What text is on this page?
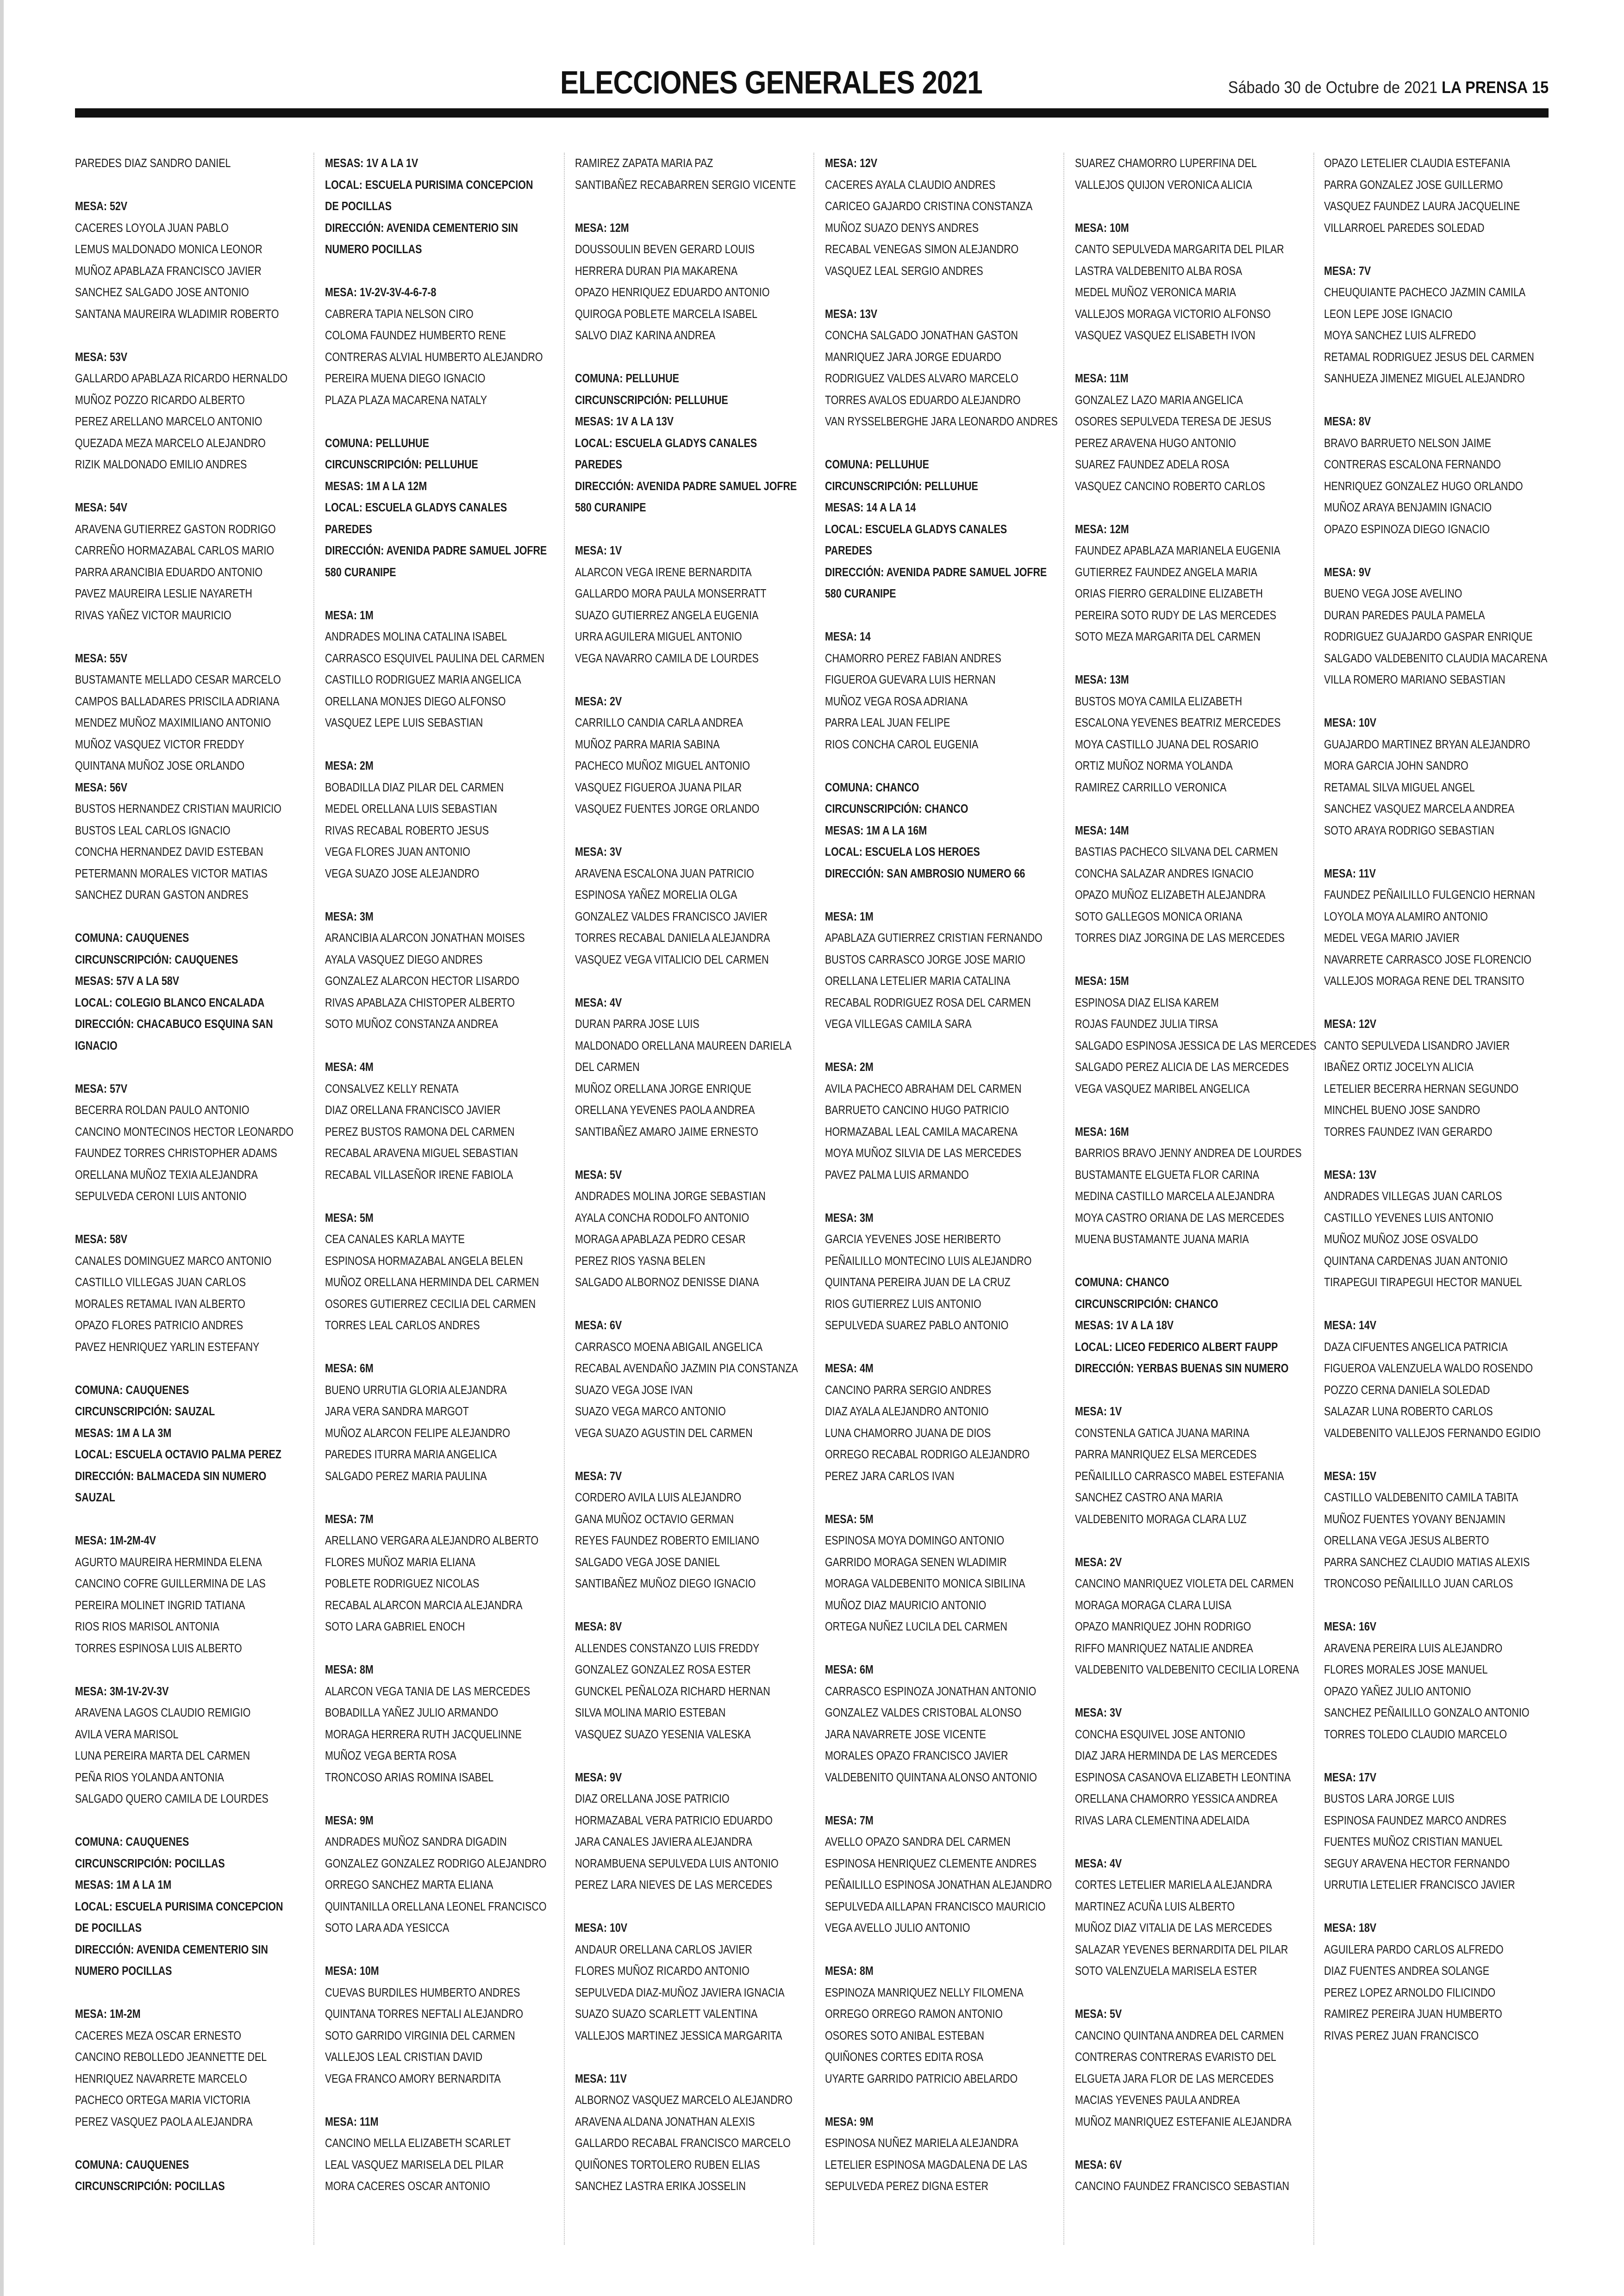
ELECCIONES GENERALES 2021	Sábado 30 de Octubre de 2021 LA PRENSA 15
PAREDES DIAZ SANDRO DANIEL
MESA: 52V
CACERES LOYOLA JUAN PABLO
LEMUS MALDONADO MONICA LEONOR
MUÑOZ APABLAZA FRANCISCO JAVIER
SANCHEZ SALGADO JOSE ANTONIO
SANTANA MAUREIRA WLADIMIR ROBERTO
MESA: 53V
GALLARDO APABLAZA RICARDO HERNALDO
MUÑOZ POZZO RICARDO ALBERTO
PEREZ ARELLANO MARCELO ANTONIO
QUEZADA MEZA MARCELO ALEJANDRO
RIZIK MALDONADO EMILIO ANDRES
MESA: 54V
ARAVENA GUTIERREZ GASTON RODRIGO
CARREÑO HORMAZABAL CARLOS MARIO
PARRA ARANCIBIA EDUARDO ANTONIO
PAVEZ MAUREIRA LESLIE NAYARETH
RIVAS YAÑEZ VICTOR MAURICIO
MESA: 55V
BUSTAMANTE MELLADO CESAR MARCELO
CAMPOS BALLADARES PRISCILA ADRIANA
MENDEZ MUÑOZ MAXIMILIANO ANTONIO
MUÑOZ VASQUEZ VICTOR FREDDY
QUINTANA MUÑOZ JOSE ORLANDO
MESA: 56V
BUSTOS HERNANDEZ CRISTIAN MAURICIO
BUSTOS LEAL CARLOS IGNACIO
CONCHA HERNANDEZ DAVID ESTEBAN
PETERMANN MORALES VICTOR MATIAS
SANCHEZ DURAN GASTON ANDRES
COMUNA: CAUQUENES
CIRCUNSCRIPCIÓN: CAUQUENES
MESAS: 57V A LA 58V
LOCAL: COLEGIO BLANCO ENCALADA
DIRECCIÓN: CHACABUCO ESQUINA SAN
IGNACIO
MESA: 57V
BECERRA ROLDAN PAULO ANTONIO
CANCINO MONTECINOS HECTOR LEONARDO
FAUNDEZ TORRES CHRISTOPHER ADAMS
ORELLANA MUÑOZ TEXIA ALEJANDRA
SEPULVEDA CERONI LUIS ANTONIO
MESA: 58V
CANALES DOMINGUEZ MARCO ANTONIO
CASTILLO VILLEGAS JUAN CARLOS
MORALES RETAMAL IVAN ALBERTO
OPAZO FLORES PATRICIO ANDRES
PAVEZ HENRIQUEZ YARLIN ESTEFANY
COMUNA: CAUQUENES
CIRCUNSCRIPCIÓN: SAUZAL
MESAS: 1M A LA 3M
LOCAL: ESCUELA OCTAVIO PALMA PEREZ
DIRECCIÓN: BALMACEDA SIN NUMERO
SAUZAL
MESA: 1M-2M-4V
AGURTO MAUREIRA HERMINDA ELENA
CANCINO COFRE GUILLERMINA DE LAS
PEREIRA MOLINET INGRID TATIANA
RIOS RIOS MARISOL ANTONIA
TORRES ESPINOSA LUIS ALBERTO
MESA: 3M-1V-2V-3V
ARAVENA LAGOS CLAUDIO REMIGIO
AVILA VERA MARISOL
LUNA PEREIRA MARTA DEL CARMEN
PEÑA RIOS YOLANDA ANTONIA
SALGADO QUERO CAMILA DE LOURDES
COMUNA: CAUQUENES
CIRCUNSCRIPCIÓN: POCILLAS
MESAS: 1M A LA 1M
LOCAL: ESCUELA PURISIMA CONCEPCION
DE POCILLAS
DIRECCIÓN: AVENIDA CEMENTERIO SIN
NUMERO POCILLAS
MESA: 1M-2M
CACERES MEZA OSCAR ERNESTO
CANCINO REBOLLEDO JEANNETTE DEL
HENRIQUEZ NAVARRETE MARCELO
PACHECO ORTEGA MARIA VICTORIA
PEREZ VASQUEZ PAOLA ALEJANDRA
COMUNA: CAUQUENES
CIRCUNSCRIPCIÓN: POCILLAS
MESAS: 1V A LA 1V
LOCAL: ESCUELA PURISIMA CONCEPCION
DE POCILLAS
DIRECCIÓN: AVENIDA CEMENTERIO SIN
NUMERO POCILLAS
MESA: 1V-2V-3V-4-6-7-8
CABRERA TAPIA NELSON CIRO
COLOMA FAUNDEZ HUMBERTO RENE
CONTRERAS ALVIAL HUMBERTO ALEJANDRO
PEREIRA MUENA DIEGO IGNACIO
PLAZA PLAZA MACARENA NATALY
COMUNA: PELLUHUE
CIRCUNSCRIPCIÓN: PELLUHUE
MESAS: 1M A LA 12M
LOCAL: ESCUELA GLADYS CANALES
PAREDES
DIRECCIÓN: AVENIDA PADRE SAMUEL JOFRE
580 CURANIPE
MESA: 1M
ANDRADES MOLINA CATALINA ISABEL
CARRASCO ESQUIVEL PAULINA DEL CARMEN
CASTILLO RODRIGUEZ MARIA ANGELICA
ORELLANA MONJES DIEGO ALFONSO
VASQUEZ LEPE LUIS SEBASTIAN
MESA: 2M
BOBADILLA DIAZ PILAR DEL CARMEN
MEDEL ORELLANA LUIS SEBASTIAN
RIVAS RECABAL ROBERTO JESUS
VEGA FLORES JUAN ANTONIO
VEGA SUAZO JOSE ALEJANDRO
MESA: 3M
ARANCIBIA ALARCON JONATHAN MOISES
AYALA VASQUEZ DIEGO ANDRES
GONZALEZ ALARCON HECTOR LISARDO
RIVAS APABLAZA CHISTOPER ALBERTO
SOTO MUÑOZ CONSTANZA ANDREA
MESA: 4M
CONSALVEZ KELLY RENATA
DIAZ ORELLANA FRANCISCO JAVIER
PEREZ BUSTOS RAMONA DEL CARMEN
RECABAL ARAVENA MIGUEL SEBASTIAN
RECABAL VILLASEÑOR IRENE FABIOLA
MESA: 5M
CEA CANALES KARLA MAYTE
ESPINOSA HORMAZABAL ANGELA BELEN
MUÑOZ ORELLANA HERMINDA DEL CARMEN
OSORES GUTIERREZ CECILIA DEL CARMEN
TORRES LEAL CARLOS ANDRES
MESA: 6M
BUENO URRUTIA GLORIA ALEJANDRA
JARA VERA SANDRA MARGOT
MUÑOZ ALARCON FELIPE ALEJANDRO
PAREDES ITURRA MARIA ANGELICA
SALGADO PEREZ MARIA PAULINA
MESA: 7M
ARELLANO VERGARA ALEJANDRO ALBERTO
FLORES MUÑOZ MARIA ELIANA
POBLETE RODRIGUEZ NICOLAS
RECABAL ALARCON MARCIA ALEJANDRA
SOTO LARA GABRIEL ENOCH
MESA: 8M
ALARCON VEGA TANIA DE LAS MERCEDES
BOBADILLA YAÑEZ JULIO ARMANDO
MORAGA HERRERA RUTH JACQUELINNE
MUÑOZ VEGA BERTA ROSA
TRONCOSO ARIAS ROMINA ISABEL
MESA: 9M
ANDRADES MUÑOZ SANDRA DIGADIN
GONZALEZ GONZALEZ RODRIGO ALEJANDRO
ORREGO SANCHEZ MARTA ELIANA
QUINTANILLA ORELLANA LEONEL FRANCISCO
SOTO LARA ADA YESICCA
MESA: 10M
CUEVAS BURDILES HUMBERTO ANDRES
QUINTANA TORRES NEFTALI ALEJANDRO
SOTO GARRIDO VIRGINIA DEL CARMEN
VALLEJOS LEAL CRISTIAN DAVID
VEGA FRANCO AMORY BERNARDITA
MESA: 11M
CANCINO MELLA ELIZABETH SCARLET
LEAL VASQUEZ MARISELA DEL PILAR
MORA CACERES OSCAR ANTONIO
RAMIREZ ZAPATA MARIA PAZ
SANTIBAÑEZ RECABARREN SERGIO VICENTE
MESA: 12M
DOUSSOULIN BEVEN GERARD LOUIS
HERRERA DURAN PIA MAKARENA
OPAZO HENRIQUEZ EDUARDO ANTONIO
QUIROGA POBLETE MARCELA ISABEL
SALVO DIAZ KARINA ANDREA
COMUNA: PELLUHUE
CIRCUNSCRIPCIÓN: PELLUHUE
MESAS: 1V A LA 13V
LOCAL: ESCUELA GLADYS CANALES
PAREDES
DIRECCIÓN: AVENIDA PADRE SAMUEL JOFRE
580 CURANIPE
MESA: 1V
ALARCON VEGA IRENE BERNARDITA
GALLARDO MORA PAULA MONSERRATT
SUAZO GUTIERREZ ANGELA EUGENIA
URRA AGUILERA MIGUEL ANTONIO
VEGA NAVARRO CAMILA DE LOURDES
MESA: 2V
CARRILLO CANDIA CARLA ANDREA
MUÑOZ PARRA MARIA SABINA
PACHECO MUÑOZ MIGUEL ANTONIO
VASQUEZ FIGUEROA JUANA PILAR
VASQUEZ FUENTES JORGE ORLANDO
MESA: 3V
ARAVENA ESCALONA JUAN PATRICIO
ESPINOSA YAÑEZ MORELIA OLGA
GONZALEZ VALDES FRANCISCO JAVIER
TORRES RECABAL DANIELA ALEJANDRA
VASQUEZ VEGA VITALICIO DEL CARMEN
MESA: 4V
DURAN PARRA JOSE LUIS
MALDONADO ORELLANA MAUREEN DARIELA
DEL CARMEN
MUÑOZ ORELLANA JORGE ENRIQUE
ORELLANA YEVENES PAOLA ANDREA
SANTIBAÑEZ AMARO JAIME ERNESTO
MESA: 5V
ANDRADES MOLINA JORGE SEBASTIAN
AYALA CONCHA RODOLFO ANTONIO
MORAGA APABLAZA PEDRO CESAR
PEREZ RIOS YASNA BELEN
SALGADO ALBORNOZ DENISSE DIANA
MESA: 6V
CARRASCO MOENA ABIGAIL ANGELICA
RECABAL AVENDAÑO JAZMIN PIA CONSTANZA
SUAZO VEGA JOSE IVAN
SUAZO VEGA MARCO ANTONIO
VEGA SUAZO AGUSTIN DEL CARMEN
MESA: 7V
CORDERO AVILA LUIS ALEJANDRO
GANA MUÑOZ OCTAVIO GERMAN
REYES FAUNDEZ ROBERTO EMILIANO
SALGADO VEGA JOSE DANIEL
SANTIBAÑEZ MUÑOZ DIEGO IGNACIO
MESA: 8V
ALLENDES CONSTANZO LUIS FREDDY
GONZALEZ GONZALEZ ROSA ESTER
GUNCKEL PEÑALOZA RICHARD HERNAN
SILVA MOLINA MARIO ESTEBAN
VASQUEZ SUAZO YESENIA VALESKA
MESA: 9V
DIAZ ORELLANA JOSE PATRICIO
HORMAZABAL VERA PATRICIO EDUARDO
JARA CANALES JAVIERA ALEJANDRA
NORAMBUENA SEPULVEDA LUIS ANTONIO
PEREZ LARA NIEVES DE LAS MERCEDES
MESA: 10V
ANDAUR ORELLANA CARLOS JAVIER
FLORES MUÑOZ RICARDO ANTONIO
SEPULVEDA DIAZ-MUÑOZ JAVIERA IGNACIA
SUAZO SUAZO SCARLETT VALENTINA
VALLEJOS MARTINEZ JESSICA MARGARITA
MESA: 11V
ALBORNOZ VASQUEZ MARCELO ALEJANDRO
ARAVENA ALDANA JONATHAN ALEXIS
GALLARDO RECABAL FRANCISCO MARCELO
QUIÑONES TORTOLERO RUBEN ELIAS
SANCHEZ LASTRA ERIKA JOSSELIN
MESA: 12V
CACERES AYALA CLAUDIO ANDRES
CARICEO GAJARDO CRISTINA CONSTANZA
MUÑOZ SUAZO DENYS ANDRES
RECABAL VENEGAS SIMON ALEJANDRO
VASQUEZ LEAL SERGIO ANDRES
MESA: 13V
CONCHA SALGADO JONATHAN GASTON
MANRIQUEZ JARA JORGE EDUARDO
RODRIGUEZ VALDES ALVARO MARCELO
TORRES AVALOS EDUARDO ALEJANDRO
VAN RYSSELBERGHE JARA LEONARDO ANDRES
COMUNA: PELLUHUE
CIRCUNSCRIPCIÓN: PELLUHUE
MESAS: 14 A LA 14
LOCAL: ESCUELA GLADYS CANALES
PAREDES
DIRECCIÓN: AVENIDA PADRE SAMUEL JOFRE
580 CURANIPE
MESA: 14
CHAMORRO PEREZ FABIAN ANDRES
FIGUEROA GUEVARA LUIS HERNAN
MUÑOZ VEGA ROSA ADRIANA
PARRA LEAL JUAN FELIPE
RIOS CONCHA CAROL EUGENIA
COMUNA: CHANCO
CIRCUNSCRIPCIÓN: CHANCO
MESAS: 1M A LA 16M
LOCAL: ESCUELA LOS HEROES
DIRECCIÓN: SAN AMBROSIO NUMERO 66
MESA: 1M
APABLAZA GUTIERREZ CRISTIAN FERNANDO
BUSTOS CARRASCO JORGE JOSE MARIO
ORELLANA LETELIER MARIA CATALINA
RECABAL RODRIGUEZ ROSA DEL CARMEN
VEGA VILLEGAS CAMILA SARA
MESA: 2M
AVILA PACHECO ABRAHAM DEL CARMEN
BARRUETO CANCINO HUGO PATRICIO
HORMAZABAL LEAL CAMILA MACARENA
MOYA MUÑOZ SILVIA DE LAS MERCEDES
PAVEZ PALMA LUIS ARMANDO
MESA: 3M
GARCIA YEVENES JOSE HERIBERTO
PEÑAILILLO MONTECINO LUIS ALEJANDRO
QUINTANA PEREIRA JUAN DE LA CRUZ
RIOS GUTIERREZ LUIS ANTONIO
SEPULVEDA SUAREZ PABLO ANTONIO
MESA: 4M
CANCINO PARRA SERGIO ANDRES
DIAZ AYALA ALEJANDRO ANTONIO
LUNA CHAMORRO JUANA DE DIOS
ORREGO RECABAL RODRIGO ALEJANDRO
PEREZ JARA CARLOS IVAN
MESA: 5M
ESPINOSA MOYA DOMINGO ANTONIO
GARRIDO MORAGA SENEN WLADIMIR
MORAGA VALDEBENITO MONICA SIBILINA
MUÑOZ DIAZ MAURICIO ANTONIO
ORTEGA NUÑEZ LUCILA DEL CARMEN
MESA: 6M
CARRASCO ESPINOZA JONATHAN ANTONIO
GONZALEZ VALDES CRISTOBAL ALONSO
JARA NAVARRETE JOSE VICENTE
MORALES OPAZO FRANCISCO JAVIER
VALDEBENITO QUINTANA ALONSO ANTONIO
MESA: 7M
AVELLO OPAZO SANDRA DEL CARMEN
ESPINOSA HENRIQUEZ CLEMENTE ANDRES
PEÑAILILLO ESPINOSA JONATHAN ALEJANDRO
SEPULVEDA AILLAPAN FRANCISCO MAURICIO
VEGA AVELLO JULIO ANTONIO
MESA: 8M
ESPINOZA MANRIQUEZ NELLY FILOMENA
ORREGO ORREGO RAMON ANTONIO
OSORES SOTO ANIBAL ESTEBAN
QUIÑONES CORTES EDITA ROSA
UYARTE GARRIDO PATRICIO ABELARDO
MESA: 9M
ESPINOSA NUÑEZ MARIELA ALEJANDRA
LETELIER ESPINOSA MAGDALENA DE LAS
SEPULVEDA PEREZ DIGNA ESTER
SUAREZ CHAMORRO LUPERFINA DEL
VALLEJOS QUIJON VERONICA ALICIA
MESA: 10M
CANTO SEPULVEDA MARGARITA DEL PILAR
LASTRA VALDEBENITO ALBA ROSA
MEDEL MUÑOZ VERONICA MARIA
VALLEJOS MORAGA VICTORIO ALFONSO
VASQUEZ VASQUEZ ELISABETH IVON
MESA: 11M
GONZALEZ LAZO MARIA ANGELICA
OSORES SEPULVEDA TERESA DE JESUS
PEREZ ARAVENA HUGO ANTONIO
SUAREZ FAUNDEZ ADELA ROSA
VASQUEZ CANCINO ROBERTO CARLOS
MESA: 12M
FAUNDEZ APABLAZA MARIANELA EUGENIA
GUTIERREZ FAUNDEZ ANGELA MARIA
ORIAS FIERRO GERALDINE ELIZABETH
PEREIRA SOTO RUDY DE LAS MERCEDES
SOTO MEZA MARGARITA DEL CARMEN
MESA: 13M
BUSTOS MOYA CAMILA ELIZABETH
ESCALONA YEVENES BEATRIZ MERCEDES
MOYA CASTILLO JUANA DEL ROSARIO
ORTIZ MUÑOZ NORMA YOLANDA
RAMIREZ CARRILLO VERONICA
MESA: 14M
BASTIAS PACHECO SILVANA DEL CARMEN
CONCHA SALAZAR ANDRES IGNACIO
OPAZO MUÑOZ ELIZABETH ALEJANDRA
SOTO GALLEGOS MONICA ORIANA
TORRES DIAZ JORGINA DE LAS MERCEDES
MESA: 15M
ESPINOSA DIAZ ELISA KAREM
ROJAS FAUNDEZ JULIA TIRSA
SALGADO ESPINOSA JESSICA DE LAS MERCEDES
SALGADO PEREZ ALICIA DE LAS MERCEDES
VEGA VASQUEZ MARIBEL ANGELICA
MESA: 16M
BARRIOS BRAVO JENNY ANDREA DE LOURDES
BUSTAMANTE ELGUETA FLOR CARINA
MEDINA CASTILLO MARCELA ALEJANDRA
MOYA CASTRO ORIANA DE LAS MERCEDES
MUENA BUSTAMANTE JUANA MARIA
COMUNA: CHANCO
CIRCUNSCRIPCIÓN: CHANCO
MESAS: 1V A LA 18V
LOCAL: LICEO FEDERICO ALBERT FAUPP
DIRECCIÓN: YERBAS BUENAS SIN NUMERO
MESA: 1V
CONSTENLA GATICA JUANA MARINA
PARRA MANRIQUEZ ELSA MERCEDES
PEÑAILILLO CARRASCO MABEL ESTEFANIA
SANCHEZ CASTRO ANA MARIA
VALDEBENITO MORAGA CLARA LUZ
MESA: 2V
CANCINO MANRIQUEZ VIOLETA DEL CARMEN
MORAGA MORAGA CLARA LUISA
OPAZO MANRIQUEZ JOHN RODRIGO
RIFFO MANRIQUEZ NATALIE ANDREA
VALDEBENITO VALDEBENITO CECILIA LORENA
MESA: 3V
CONCHA ESQUIVEL JOSE ANTONIO
DIAZ JARA HERMINDA DE LAS MERCEDES
ESPINOSA CASANOVA ELIZABETH LEONTINA
ORELLANA CHAMORRO YESSICA ANDREA
RIVAS LARA CLEMENTINA ADELAIDA
MESA: 4V
CORTES LETELIER MARIELA ALEJANDRA
MARTINEZ ACUÑA LUIS ALBERTO
MUÑOZ DIAZ VITALIA DE LAS MERCEDES
SALAZAR YEVENES BERNARDITA DEL PILAR
SOTO VALENZUELA MARISELA ESTER
MESA: 5V
CANCINO QUINTANA ANDREA DEL CARMEN
CONTRERAS CONTRERAS EVARISTO DEL
ELGUETA JARA FLOR DE LAS MERCEDES
MACIAS YEVENES PAULA ANDREA
MUÑOZ MANRIQUEZ ESTEFANIE ALEJANDRA
MESA: 6V
CANCINO FAUNDEZ FRANCISCO SEBASTIAN
OPAZO LETELIER CLAUDIA ESTEFANIA
PARRA GONZALEZ JOSE GUILLERMO
VASQUEZ FAUNDEZ LAURA JACQUELINE
VILLARROEL PAREDES SOLEDAD
MESA: 7V
CHEUQUIANTE PACHECO JAZMIN CAMILA
LEON LEPE JOSE IGNACIO
MOYA SANCHEZ LUIS ALFREDO
RETAMAL RODRIGUEZ JESUS DEL CARMEN
SANHUEZA JIMENEZ MIGUEL ALEJANDRO
MESA: 8V
BRAVO BARRUETO NELSON JAIME
CONTRERAS ESCALONA FERNANDO
HENRIQUEZ GONZALEZ HUGO ORLANDO
MUÑOZ ARAYA BENJAMIN IGNACIO
OPAZO ESPINOZA DIEGO IGNACIO
MESA: 9V
BUENO VEGA JOSE AVELINO
DURAN PAREDES PAULA PAMELA
RODRIGUEZ GUAJARDO GASPAR ENRIQUE
SALGADO VALDEBENITO CLAUDIA MACARENA
VILLA ROMERO MARIANO SEBASTIAN
MESA: 10V
GUAJARDO MARTINEZ BRYAN ALEJANDRO
MORA GARCIA JOHN SANDRO
RETAMAL SILVA MIGUEL ANGEL
SANCHEZ VASQUEZ MARCELA ANDREA
SOTO ARAYA RODRIGO SEBASTIAN
MESA: 11V
FAUNDEZ PEÑAILILLO FULGENCIO HERNAN
LOYOLA MOYA ALAMIRO ANTONIO
MEDEL VEGA MARIO JAVIER
NAVARRETE CARRASCO JOSE FLORENCIO
VALLEJOS MORAGA RENE DEL TRANSITO
MESA: 12V
CANTO SEPULVEDA LISANDRO JAVIER
IBAÑEZ ORTIZ JOCELYN ALICIA
LETELIER BECERRA HERNAN SEGUNDO
MINCHEL BUENO JOSE SANDRO
TORRES FAUNDEZ IVAN GERARDO
MESA: 13V
ANDRADES VILLEGAS JUAN CARLOS
CASTILLO YEVENES LUIS ANTONIO
MUÑOZ MUÑOZ JOSE OSVALDO
QUINTANA CARDENAS JUAN ANTONIO
TIRAPEGUI TIRAPEGUI HECTOR MANUEL
MESA: 14V
DAZA CIFUENTES ANGELICA PATRICIA
FIGUEROA VALENZUELA WALDO ROSENDO
POZZO CERNA DANIELA SOLEDAD
SALAZAR LUNA ROBERTO CARLOS
VALDEBENITO VALLEJOS FERNANDO EGIDIO
MESA: 15V
CASTILLO VALDEBENITO CAMILA TABITA
MUÑOZ FUENTES YOVANY BENJAMIN
ORELLANA VEGA JESUS ALBERTO
PARRA SANCHEZ CLAUDIO MATIAS ALEXIS
TRONCOSO PEÑAILILLO JUAN CARLOS
MESA: 16V
ARAVENA PEREIRA LUIS ALEJANDRO
FLORES MORALES JOSE MANUEL
OPAZO YAÑEZ JULIO ANTONIO
SANCHEZ PEÑAILILLO GONZALO ANTONIO
TORRES TOLEDO CLAUDIO MARCELO
MESA: 17V
BUSTOS LARA JORGE LUIS
ESPINOSA FAUNDEZ MARCO ANDRES
FUENTES MUÑOZ CRISTIAN MANUEL
SEGUY ARAVENA HECTOR FERNANDO
URRUTIA LETELIER FRANCISCO JAVIER
MESA: 18V
AGUILERA PARDO CARLOS ALFREDO
DIAZ FUENTES ANDREA SOLANGE
PEREZ LOPEZ ARNOLDO FILICINDO
RAMIREZ PEREIRA JUAN HUMBERTO
RIVAS PEREZ JUAN FRANCISCO
